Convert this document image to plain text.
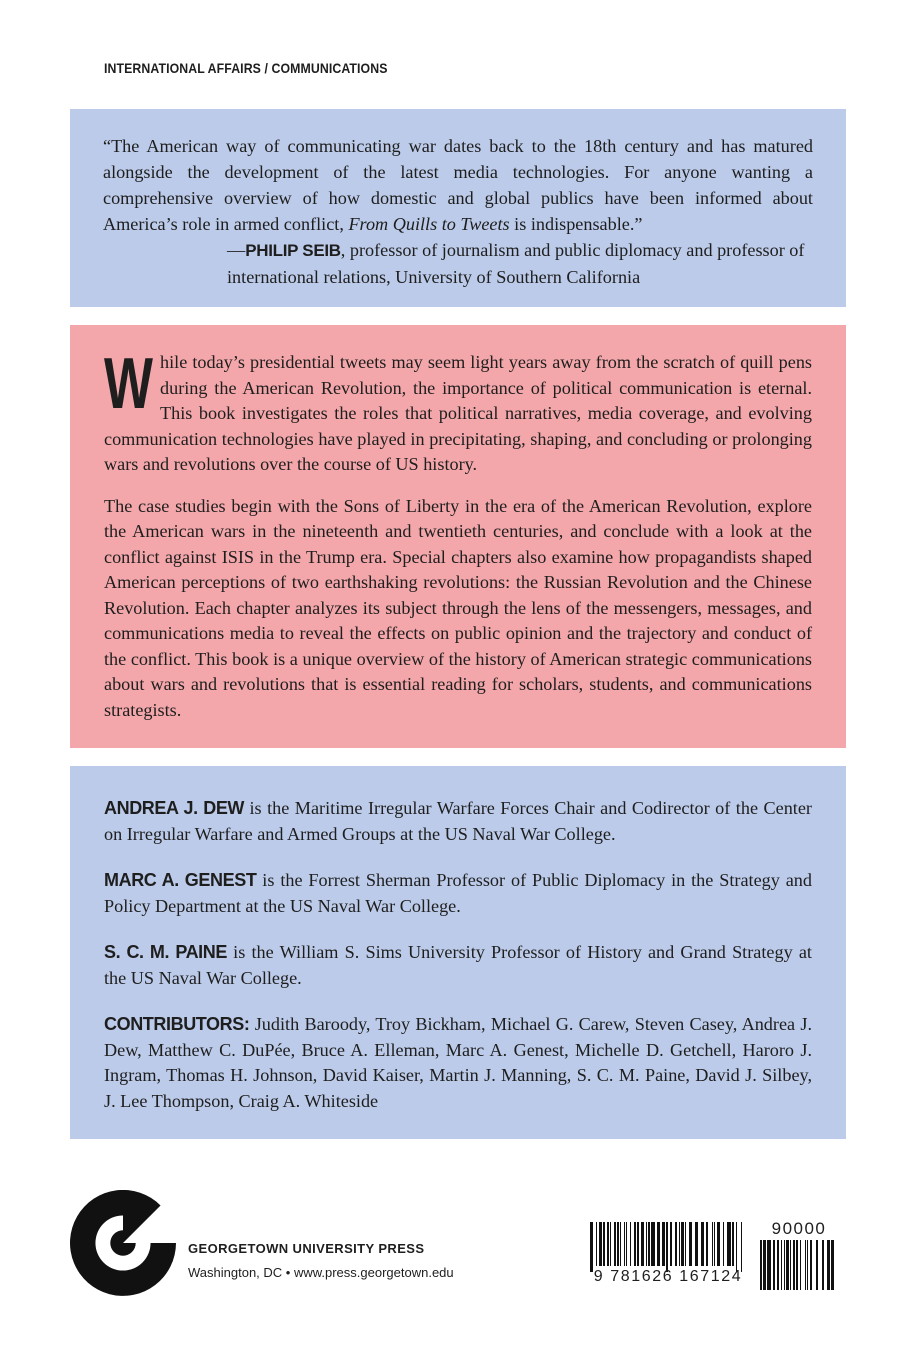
INTERNATIONAL AFFAIRS / COMMUNICATIONS

“The American way of communicating war dates back to the 18th century and has matured alongside the development of the latest media technologies. For anyone wanting a comprehensive overview of how domestic and global publics have been informed about America’s role in armed conflict, From Quills to Tweets is indispensable.”

—PHILIP SEIB, professor of journalism and public diplomacy and professor of international relations, University of Southern California

While today’s presidential tweets may seem light years away from the scratch of quill pens during the American Revolution, the importance of political communication is eternal. This book investigates the roles that political narratives, media coverage, and evolving communication technologies have played in precipitating, shaping, and concluding or prolonging wars and revolutions over the course of US history.

The case studies begin with the Sons of Liberty in the era of the American Revolution, explore the American wars in the nineteenth and twentieth centuries, and conclude with a look at the conflict against ISIS in the Trump era. Special chapters also examine how propagandists shaped American perceptions of two earthshaking revolutions: the Russian Revolution and the Chinese Revolution. Each chapter analyzes its subject through the lens of the messengers, messages, and communications media to reveal the effects on public opinion and the trajectory and conduct of the conflict. This book is a unique overview of the history of American strategic communications about wars and revolutions that is essential reading for scholars, students, and communications strategists.

ANDREA J. DEW is the Maritime Irregular Warfare Forces Chair and Codirector of the Center on Irregular Warfare and Armed Groups at the US Naval War College.

MARC A. GENEST is the Forrest Sherman Professor of Public Diplomacy in the Strategy and Policy Department at the US Naval War College.

S. C. M. PAINE is the William S. Sims University Professor of History and Grand Strategy at the US Naval War College.

CONTRIBUTORS: Judith Baroody, Troy Bickham, Michael G. Carew, Steven Casey, Andrea J. Dew, Matthew C. DuPée, Bruce A. Elleman, Marc A. Genest, Michelle D. Getchell, Haroro J. Ingram, Thomas H. Johnson, David Kaiser, Martin J. Manning, S. C. M. Paine, David J. Silbey, J. Lee Thompson, Craig A. Whiteside

GEORGETOWN UNIVERSITY PRESS
Washington, DC • www.press.georgetown.edu	9 781626 167124
90000
